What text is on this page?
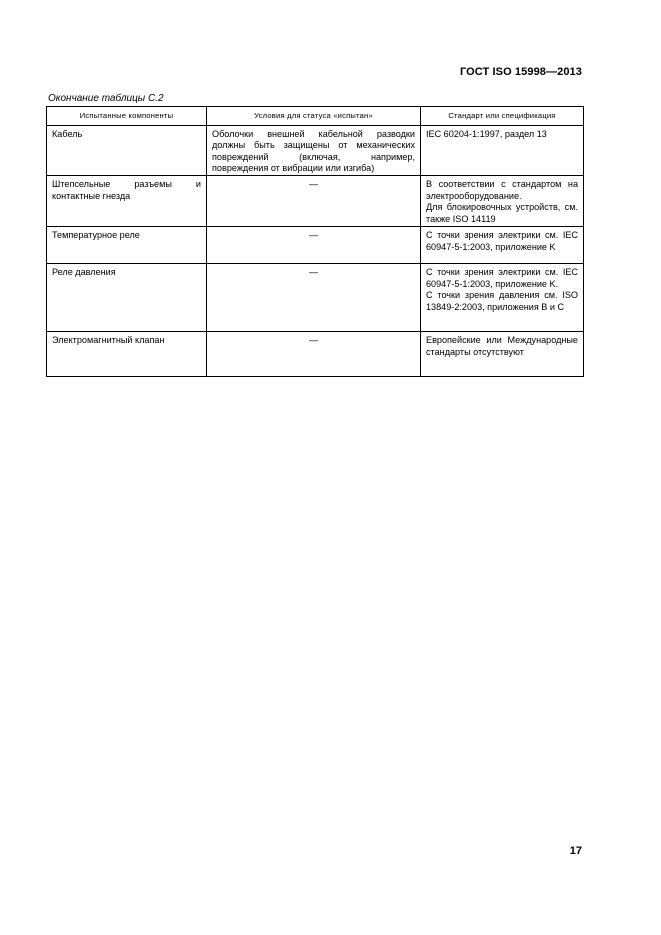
ГОСТ ISO 15998—2013
Окончание таблицы С.2
Испытанные компоненты	Условия для статуса «испытан»	Стандарт или спецификация
Кабель	Оболочки внешней кабельной разводки должны быть защищены от механических повреждений (включая, например, повреждения от вибрации или изгиба)	IEC 60204-1:1997, раздел 13

Штепсельные разъемы и контактные гнезда	—	В соответствии с стандартом на электрооборудование.
Для блокировочных устройств, см. также ISO 14119

Температурное реле	—	С точки зрения электрики см. IEC 60947-5-1:2003, приложение K

Реле давления	—	С точки зрения электрики см. IEC 60947-5-1:2003, приложение K.
С точки зрения давления см. ISO 13849-2:2003, приложения В и С

Электромагнитный клапан	—	Европейские или Международные стандарты отсутствуют
17
